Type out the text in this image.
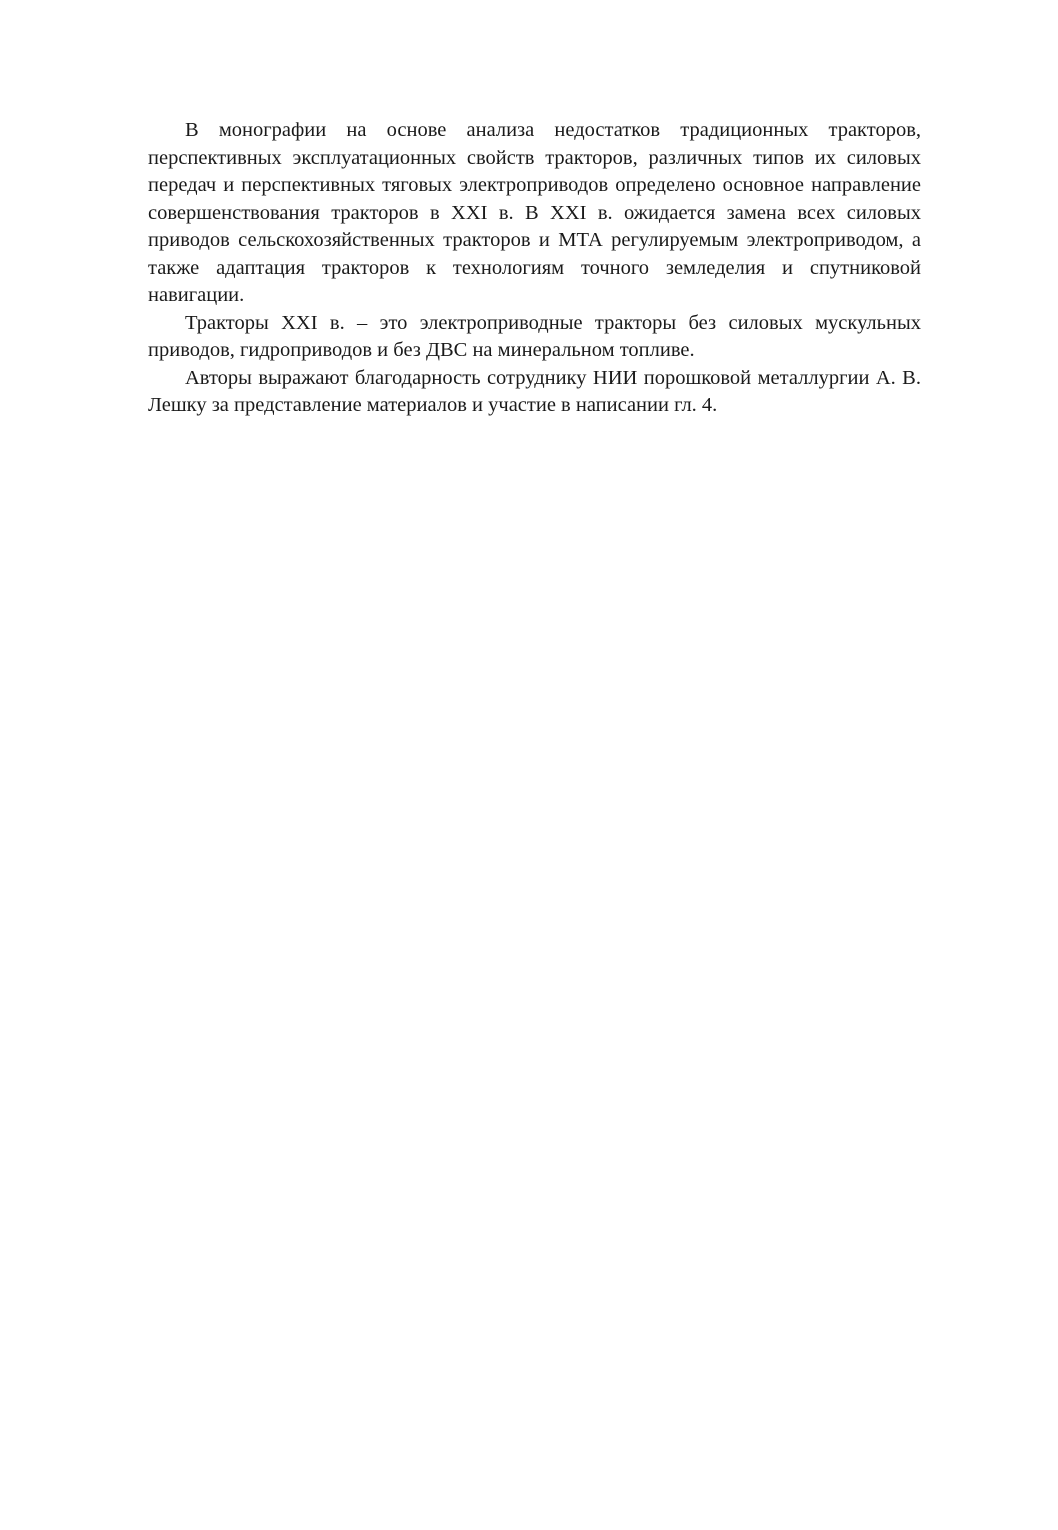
В монографии на основе анализа недостатков традиционных тракторов, перспективных эксплуатационных свойств тракторов, различных типов их силовых передач и перспективных тяговых электроприводов определено основное направление совершенствования тракторов в XXI в. В XXI в. ожидается замена всех силовых приводов сельскохозяйственных тракторов и МТА регулируемым электроприводом, а также адаптация тракторов к технологиям точного земледелия и спутниковой навигации.

Тракторы XXI в. – это электроприводные тракторы без силовых мускульных приводов, гидроприводов и без ДВС на минеральном топливе.

Авторы выражают благодарность сотруднику НИИ порошковой металлургии А. В. Лешку за представление материалов и участие в написании гл. 4.
